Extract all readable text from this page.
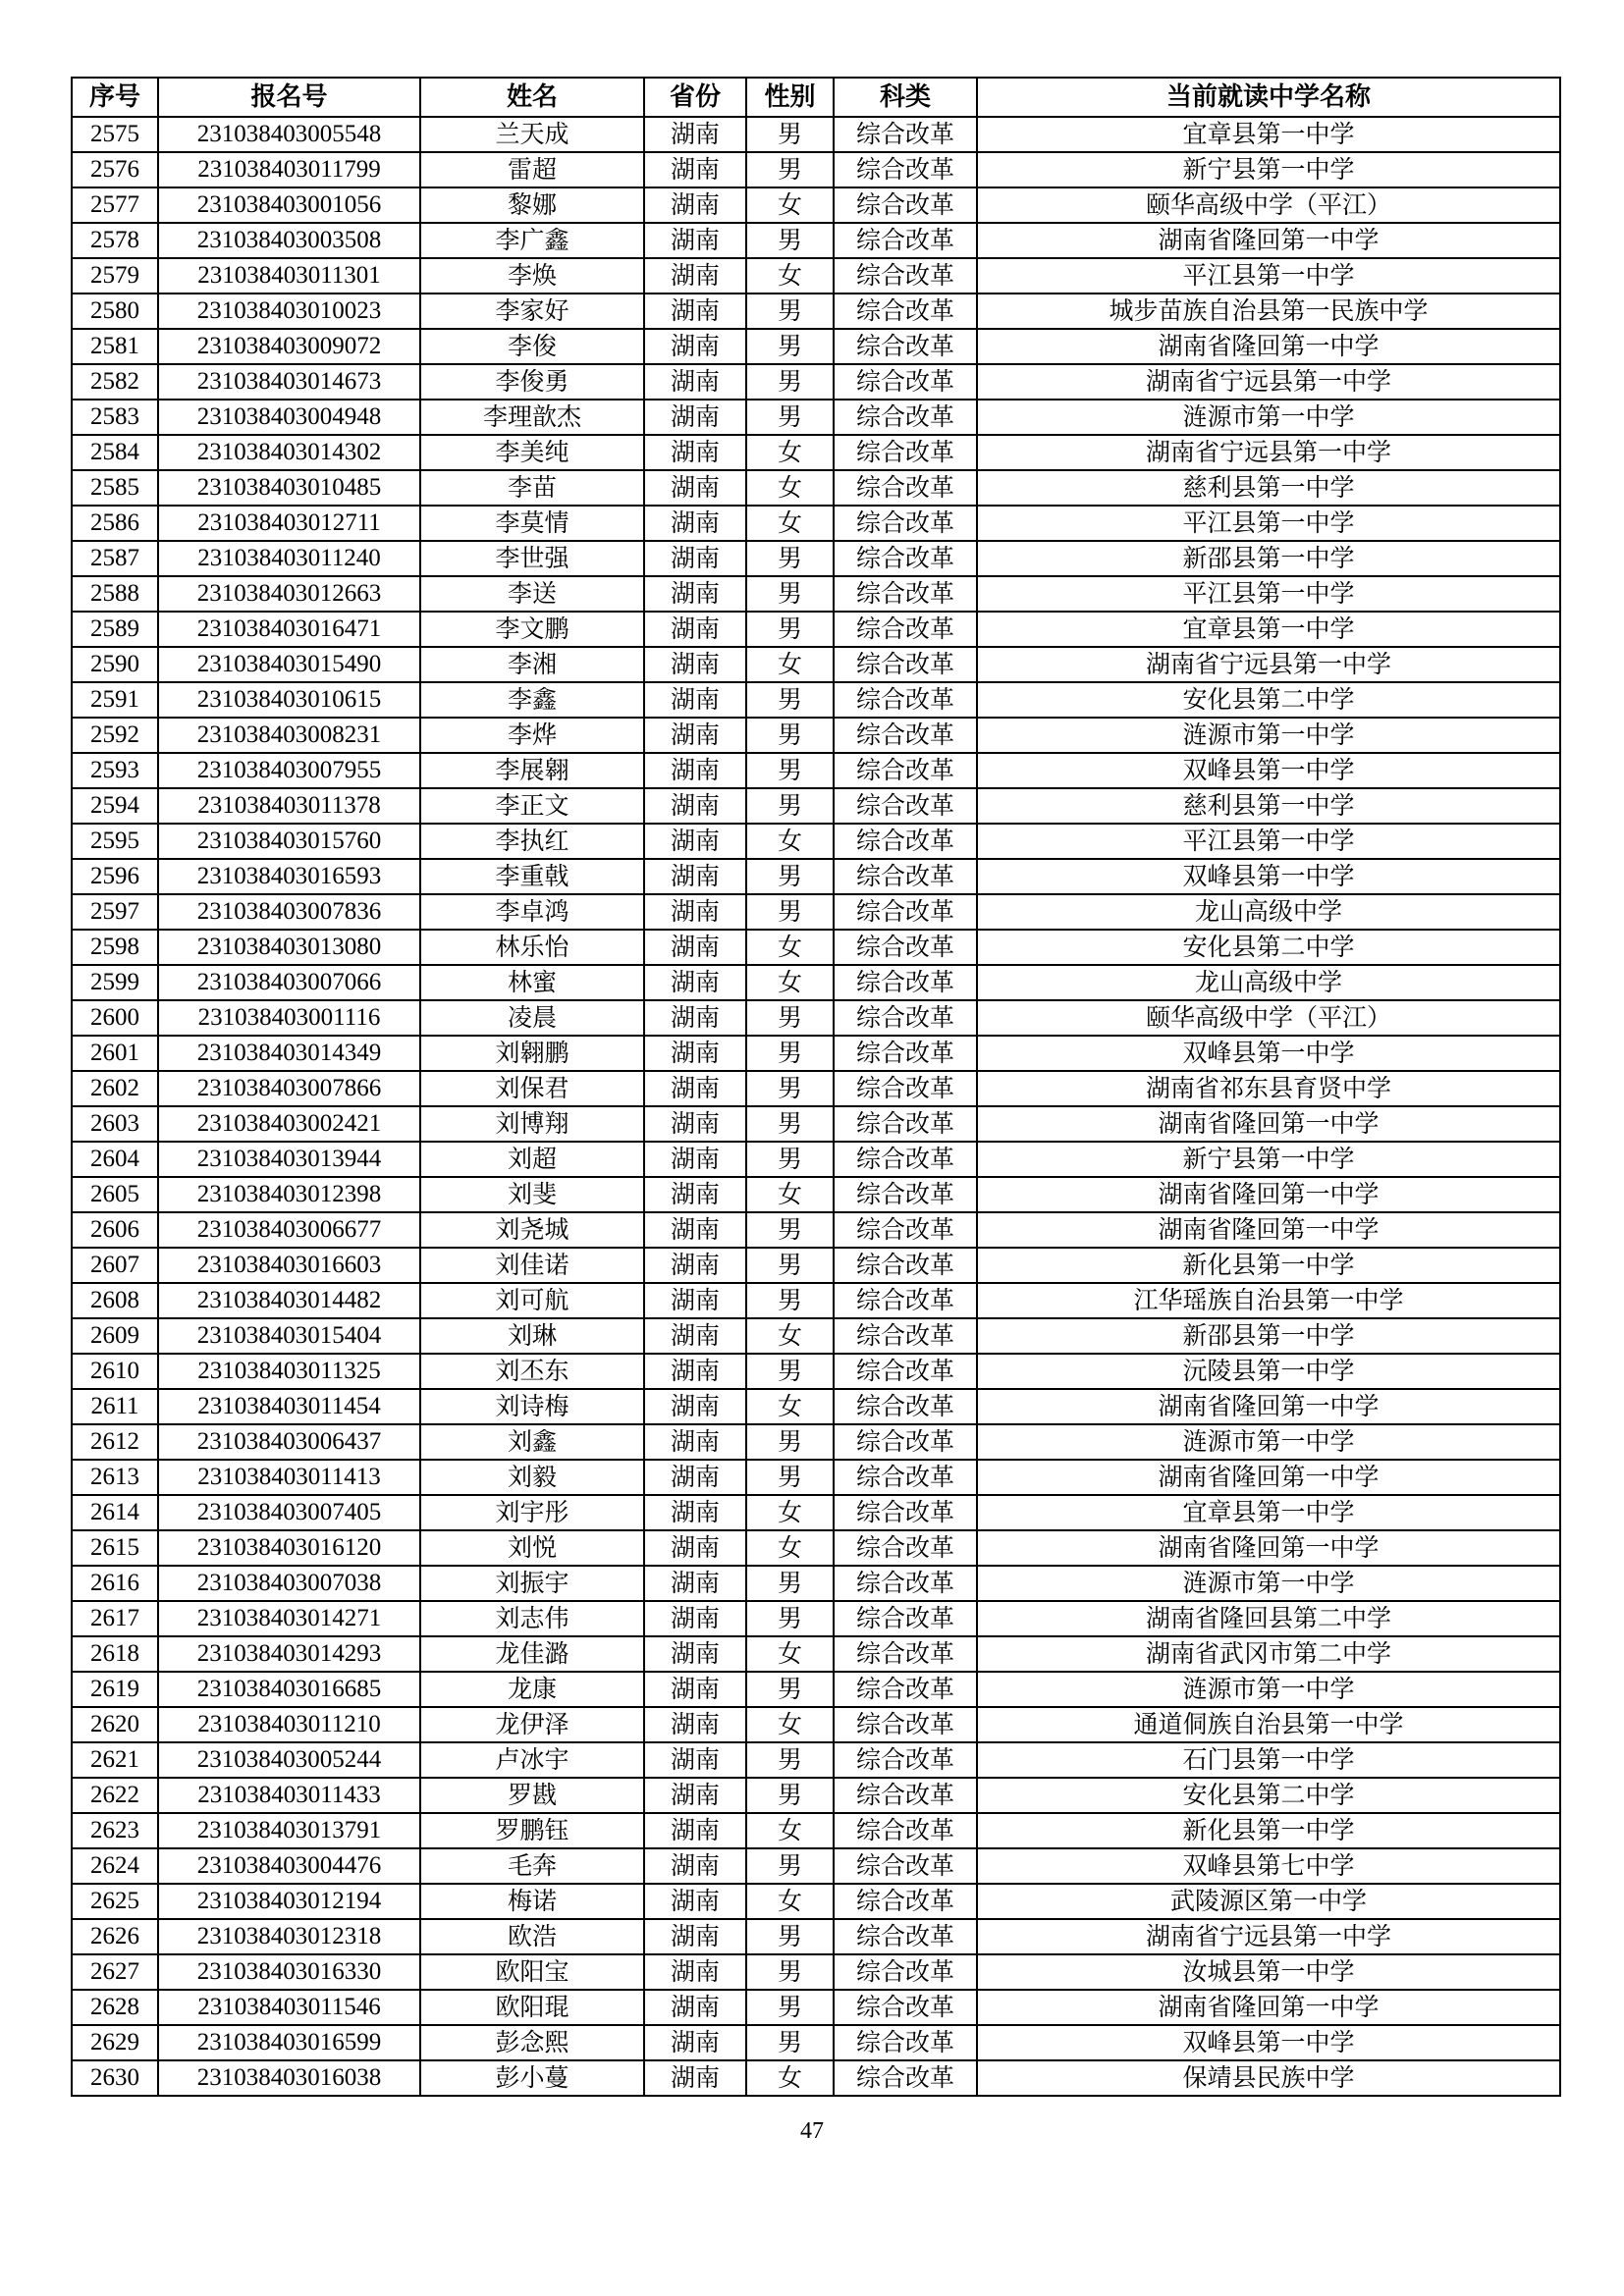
序号	报名号	姓名	省份	性别	科类	当前就读中学名称
2575	231038403005548	兰天成	湖南	男	综合改革	宜章县第一中学
2576	231038403011799	雷超	湖南	男	综合改革	新宁县第一中学
2577	231038403001056	黎娜	湖南	女	综合改革	颐华高级中学（平江）
2578	231038403003508	李广鑫	湖南	男	综合改革	湖南省隆回第一中学
2579	231038403011301	李焕	湖南	女	综合改革	平江县第一中学
2580	231038403010023	李家好	湖南	男	综合改革	城步苗族自治县第一民族中学
2581	231038403009072	李俊	湖南	男	综合改革	湖南省隆回第一中学
2582	231038403014673	李俊勇	湖南	男	综合改革	湖南省宁远县第一中学
2583	231038403004948	李理歆杰	湖南	男	综合改革	涟源市第一中学
2584	231038403014302	李美纯	湖南	女	综合改革	湖南省宁远县第一中学
2585	231038403010485	李苗	湖南	女	综合改革	慈利县第一中学
2586	231038403012711	李莫情	湖南	女	综合改革	平江县第一中学
2587	231038403011240	李世强	湖南	男	综合改革	新邵县第一中学
2588	231038403012663	李送	湖南	男	综合改革	平江县第一中学
2589	231038403016471	李文鹏	湖南	男	综合改革	宜章县第一中学
2590	231038403015490	李湘	湖南	女	综合改革	湖南省宁远县第一中学
2591	231038403010615	李鑫	湖南	男	综合改革	安化县第二中学
2592	231038403008231	李烨	湖南	男	综合改革	涟源市第一中学
2593	231038403007955	李展翱	湖南	男	综合改革	双峰县第一中学
2594	231038403011378	李正文	湖南	男	综合改革	慈利县第一中学
2595	231038403015760	李执红	湖南	女	综合改革	平江县第一中学
2596	231038403016593	李重戟	湖南	男	综合改革	双峰县第一中学
2597	231038403007836	李卓鸿	湖南	男	综合改革	龙山高级中学
2598	231038403013080	林乐怡	湖南	女	综合改革	安化县第二中学
2599	231038403007066	林蜜	湖南	女	综合改革	龙山高级中学
2600	231038403001116	凌晨	湖南	男	综合改革	颐华高级中学（平江）
2601	231038403014349	刘翱鹏	湖南	男	综合改革	双峰县第一中学
2602	231038403007866	刘保君	湖南	男	综合改革	湖南省祁东县育贤中学
2603	231038403002421	刘博翔	湖南	男	综合改革	湖南省隆回第一中学
2604	231038403013944	刘超	湖南	男	综合改革	新宁县第一中学
2605	231038403012398	刘斐	湖南	女	综合改革	湖南省隆回第一中学
2606	231038403006677	刘尧城	湖南	男	综合改革	湖南省隆回第一中学
2607	231038403016603	刘佳诺	湖南	男	综合改革	新化县第一中学
2608	231038403014482	刘可航	湖南	男	综合改革	江华瑶族自治县第一中学
2609	231038403015404	刘琳	湖南	女	综合改革	新邵县第一中学
2610	231038403011325	刘丕东	湖南	男	综合改革	沅陵县第一中学
2611	231038403011454	刘诗梅	湖南	女	综合改革	湖南省隆回第一中学
2612	231038403006437	刘鑫	湖南	男	综合改革	涟源市第一中学
2613	231038403011413	刘毅	湖南	男	综合改革	湖南省隆回第一中学
2614	231038403007405	刘宇彤	湖南	女	综合改革	宜章县第一中学
2615	231038403016120	刘悦	湖南	女	综合改革	湖南省隆回第一中学
2616	231038403007038	刘振宇	湖南	男	综合改革	涟源市第一中学
2617	231038403014271	刘志伟	湖南	男	综合改革	湖南省隆回县第二中学
2618	231038403014293	龙佳潞	湖南	女	综合改革	湖南省武冈市第二中学
2619	231038403016685	龙康	湖南	男	综合改革	涟源市第一中学
2620	231038403011210	龙伊泽	湖南	女	综合改革	通道侗族自治县第一中学
2621	231038403005244	卢冰宇	湖南	男	综合改革	石门县第一中学
2622	231038403011433	罗戡	湖南	男	综合改革	安化县第二中学
2623	231038403013791	罗鹏钰	湖南	女	综合改革	新化县第一中学
2624	231038403004476	毛奔	湖南	男	综合改革	双峰县第七中学
2625	231038403012194	梅诺	湖南	女	综合改革	武陵源区第一中学
2626	231038403012318	欧浩	湖南	男	综合改革	湖南省宁远县第一中学
2627	231038403016330	欧阳宝	湖南	男	综合改革	汝城县第一中学
2628	231038403011546	欧阳琨	湖南	男	综合改革	湖南省隆回第一中学
2629	231038403016599	彭念熙	湖南	男	综合改革	双峰县第一中学
2630	231038403016038	彭小蔓	湖南	女	综合改革	保靖县民族中学
47
